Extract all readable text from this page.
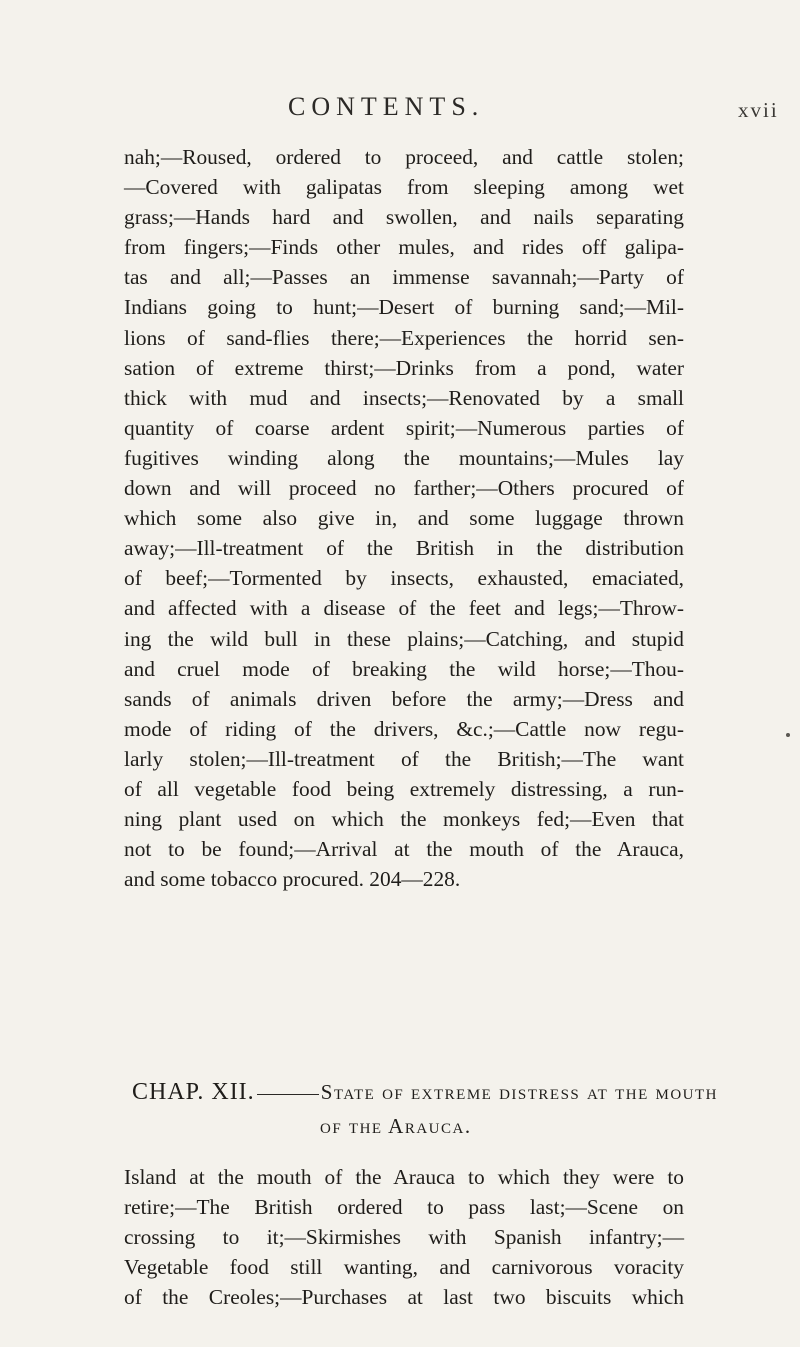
CONTENTS.	xvii
nah;—Roused, ordered to proceed, and cattle stolen;
—Covered with galipatas from sleeping among wet
grass;—Hands hard and swollen, and nails separating
from fingers;—Finds other mules, and rides off galipa-
tas and all;—Passes an immense savannah;—Party of
Indians going to hunt;—Desert of burning sand;—Mil-
lions of sand-flies there;—Experiences the horrid sen-
sation of extreme thirst;—Drinks from a pond, water
thick with mud and insects;—Renovated by a small
quantity of coarse ardent spirit;—Numerous parties of
fugitives winding along the mountains;—Mules lay
down and will proceed no farther;—Others procured of
which some also give in, and some luggage thrown
away;—Ill-treatment of the British in the distribution
of beef;—Tormented by insects, exhausted, emaciated,
and affected with a disease of the feet and legs;—Throw-
ing the wild bull in these plains;—Catching, and stupid
and cruel mode of breaking the wild horse;—Thou-
sands of animals driven before the army;—Dress and
mode of riding of the drivers, &c.;—Cattle now regu-
larly stolen;—Ill-treatment of the British;—The want
of all vegetable food being extremely distressing, a run-
ning plant used on which the monkeys fed;—Even that
not to be found;—Arrival at the mouth of the Arauca,
and some tobacco procured. 204—228.
CHAP. XII.	State of extreme distress at the mouth
of the Arauca.
Island at the mouth of the Arauca to which they were to
retire;—The British ordered to pass last;—Scene on
crossing to it;—Skirmishes with Spanish infantry;—
Vegetable food still wanting, and carnivorous voracity
of the Creoles;—Purchases at last two biscuits which
